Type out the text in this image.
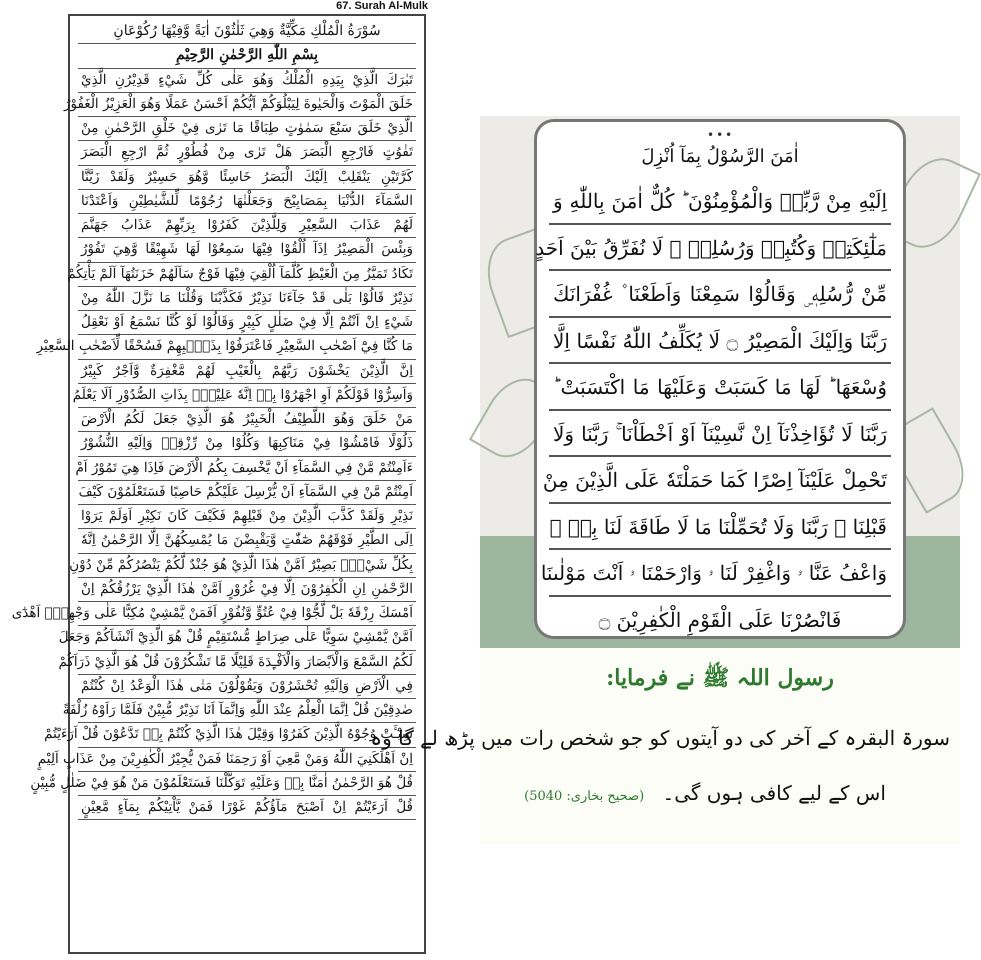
67. Surah Al-Mulk
سُوْرَةُ الْمُلْكِ مَكِّيَّةٌ وَهِيَ ثَلٰثُوْنَ اٰيَةً وَّفِيْهَا رُكُوْعَانِ
بِسْمِ اللّٰهِ الرَّحْمٰنِ الرَّحِيْمِ
تَبٰرَكَ الَّذِيْ بِيَدِهِ الْمُلْكُ وَهُوَ عَلٰى كُلِّ شَيْءٍ قَدِيْرُنِ الَّذِيْ
خَلَقَ الْمَوْتَ وَالْحَيٰوةَ لِيَبْلُوَكُمْ اَيُّكُمْ اَحْسَنُ عَمَلًا وَهُوَ الْعَزِيْزُ الْغَفُوْرُ
الَّذِيْ خَلَقَ سَبْعَ سَمٰوٰتٍ طِبَاقًا مَا تَرٰى فِيْ خَلْقِ الرَّحْمٰنِ مِنْ
تَفٰوُتٍ فَارْجِعِ الْبَصَرَ هَلْ تَرٰى مِنْ فُطُوْرٍ ثُمَّ ارْجِعِ الْبَصَرَ
كَرَّتَيْنِ يَنْقَلِبْ اِلَيْكَ الْبَصَرُ خَاسِئًا وَّهُوَ حَسِيْرٌ وَلَقَدْ زَيَّنَّا
السَّمَآءَ الدُّنْيَا بِمَصَابِيْحَ وَجَعَلْنٰهَا رُجُوْمًا لِّلشَّيٰطِيْنِ وَاَعْتَدْنَا
لَهُمْ عَذَابَ السَّعِيْرِ وَلِلَّذِيْنَ كَفَرُوْا بِرَبِّهِمْ عَذَابُ جَهَنَّمَ
وَبِئْسَ الْمَصِيْرُ اِذَآ اُلْقُوْا فِيْهَا سَمِعُوْا لَهَا شَهِيْقًا وَّهِيَ تَفُوْرُ
تَكَادُ تَمَيَّزُ مِنَ الْغَيْظِ كُلَّمَآ اُلْقِيَ فِيْهَا فَوْجٌ سَاَلَهُمْ خَزَنَتُهَآ اَلَمْ يَأْتِكُمْ
نَذِيْرٌ قَالُوْا بَلٰى قَدْ جَآءَنَا نَذِيْرٌ فَكَذَّبْنَا وَقُلْنَا مَا نَزَّلَ اللّٰهُ مِنْ
شَيْءٍ اِنْ اَنْتُمْ اِلَّا فِيْ ضَلٰلٍ كَبِيْرٍ وَقَالُوْا لَوْ كُنَّا نَسْمَعُ اَوْ نَعْقِلُ
مَا كُنَّا فِيْٓ اَصْحٰبِ السَّعِيْرِ فَاعْتَرَفُوْا بِذَنْۢبِهِمْ فَسُحْقًا لِّاَصْحٰبِ السَّعِيْرِ
اِنَّ الَّذِيْنَ يَخْشَوْنَ رَبَّهُمْ بِالْغَيْبِ لَهُمْ مَّغْفِرَةٌ وَّاَجْرٌ كَبِيْرٌ
وَاَسِرُّوْا قَوْلَكُمْ اَوِ اجْهَرُوْا بِهٖ اِنَّهٗ عَلِيْمٌۢ بِذَاتِ الصُّدُوْرِ اَلَا يَعْلَمُ
مَنْ خَلَقَ وَهُوَ اللَّطِيْفُ الْخَبِيْرُ هُوَ الَّذِيْ جَعَلَ لَكُمُ الْاَرْضَ
ذَلُوْلًا فَامْشُوْا فِيْ مَنَاكِبِهَا وَكُلُوْا مِنْ رِّزْقِهٖ وَاِلَيْهِ النُّشُوْرُ
ءَاَمِنْتُمْ مَّنْ فِي السَّمَآءِ اَنْ يَّخْسِفَ بِكُمُ الْاَرْضَ فَاِذَا هِيَ تَمُوْرُ اَمْ
اَمِنْتُمْ مَّنْ فِي السَّمَآءِ اَنْ يُّرْسِلَ عَلَيْكُمْ حَاصِبًا فَسَتَعْلَمُوْنَ كَيْفَ
نَذِيْرِ وَلَقَدْ كَذَّبَ الَّذِيْنَ مِنْ قَبْلِهِمْ فَكَيْفَ كَانَ نَكِيْرِ اَوَلَمْ يَرَوْا
اِلَى الطَّيْرِ فَوْقَهُمْ صٰٓفّٰتٍ وَّيَقْبِضْنَ مَا يُمْسِكُهُنَّ اِلَّا الرَّحْمٰنُ اِنَّهٗ
بِكُلِّ شَيْءٍۢ بَصِيْرٌ اَمَّنْ هٰذَا الَّذِيْ هُوَ جُنْدٌ لَّكُمْ يَنْصُرُكُمْ مِّنْ دُوْنِ
الرَّحْمٰنِ اِنِ الْكٰفِرُوْنَ اِلَّا فِيْ غُرُوْرٍ اَمَّنْ هٰذَا الَّذِيْ يَرْزُقُكُمْ اِنْ
اَمْسَكَ رِزْقَهٗ بَلْ لَّجُّوْا فِيْ عُتُوٍّ وَّنُفُوْرٍ اَفَمَنْ يَّمْشِيْ مُكِبًّا عَلٰى وَجْهِهٖٓ اَهْدٰٓى
اَمَّنْ يَّمْشِيْ سَوِيًّا عَلٰى صِرَاطٍ مُّسْتَقِيْمٍ قُلْ هُوَ الَّذِيْٓ اَنْشَاَكُمْ وَجَعَلَ
لَكُمُ السَّمْعَ وَالْاَبْصَارَ وَالْاَفْـِٕدَةَ قَلِيْلًا مَّا تَشْكُرُوْنَ قُلْ هُوَ الَّذِيْ ذَرَاَكُمْ
فِي الْاَرْضِ وَاِلَيْهِ تُحْشَرُوْنَ وَيَقُوْلُوْنَ مَتٰى هٰذَا الْوَعْدُ اِنْ كُنْتُمْ
صٰدِقِيْنَ قُلْ اِنَّمَا الْعِلْمُ عِنْدَ اللّٰهِ وَاِنَّمَآ اَنَا نَذِيْرٌ مُّبِيْنٌ فَلَمَّا رَاَوْهُ زُلْفَةً
سِيْٓـَٔتْ وُجُوْهُ الَّذِيْنَ كَفَرُوْا وَقِيْلَ هٰذَا الَّذِيْ كُنْتُمْ بِهٖ تَدَّعُوْنَ قُلْ اَرَءَيْتُمْ
اِنْ اَهْلَكَنِيَ اللّٰهُ وَمَنْ مَّعِيَ اَوْ رَحِمَنَا فَمَنْ يُّجِيْرُ الْكٰفِرِيْنَ مِنْ عَذَابٍ اَلِيْمٍ
قُلْ هُوَ الرَّحْمٰنُ اٰمَنَّا بِهٖ وَعَلَيْهِ تَوَكَّلْنَا فَسَتَعْلَمُوْنَ مَنْ هُوَ فِيْ ضَلٰلٍ مُّبِيْنٍ
قُلْ اَرَءَيْتُمْ اِنْ اَصْبَحَ مَآؤُكُمْ غَوْرًا فَمَنْ يَّاْتِيْكُمْ بِمَآءٍ مَّعِيْنٍ
•••
اٰمَنَ الرَّسُوْلُ بِمَآ اُنْزِلَ
اِلَيْهِ مِنْ رَّبِّهٖ وَالْمُؤْمِنُوْنَ ؕ كُلٌّ اٰمَنَ بِاللّٰهِ وَ
مَلٰٓئِكَتِهٖ وَكُتُبِهٖ وَرُسُلِهٖ ۣ لَا نُفَرِّقُ بَيْنَ اَحَدٍ
مِّنْ رُّسُلِهٖ ۣ وَقَالُوْا سَمِعْنَا وَاَطَعْنَا ۫ غُفْرَانَكَ
رَبَّنَا وَاِلَيْكَ الْمَصِيْرُ ۝ لَا يُكَلِّفُ اللّٰهُ نَفْسًا اِلَّا
وُسْعَهَا ؕ لَهَا مَا كَسَبَتْ وَعَلَيْهَا مَا اكْتَسَبَتْ ؕ
رَبَّنَا لَا تُؤَاخِذْنَآ اِنْ نَّسِيْنَآ اَوْ اَخْطَاْنَا ۚ رَبَّنَا وَلَا
تَحْمِلْ عَلَيْنَآ اِصْرًا كَمَا حَمَلْتَهٗ عَلَى الَّذِيْنَ مِنْ
قَبْلِنَا ۚ رَبَّنَا وَلَا تُحَمِّلْنَا مَا لَا طَاقَةَ لَنَا بِهٖ ۚ
وَاعْفُ عَنَّا ۥ وَاغْفِرْ لَنَا ۥ وَارْحَمْنَا ۥ اَنْتَ مَوْلٰىنَا
فَانْصُرْنَا عَلَى الْقَوْمِ الْكٰفِرِيْنَ ۝
رسول اللہ ﷺ نے فرمایا:
سورۃ البقرہ کے آخر کی دو آیتوں کو جو شخص رات میں پڑھ لے گا وہ
اس کے لیے کافی ہوں گی۔ (صحیح بخاری: 5040)
